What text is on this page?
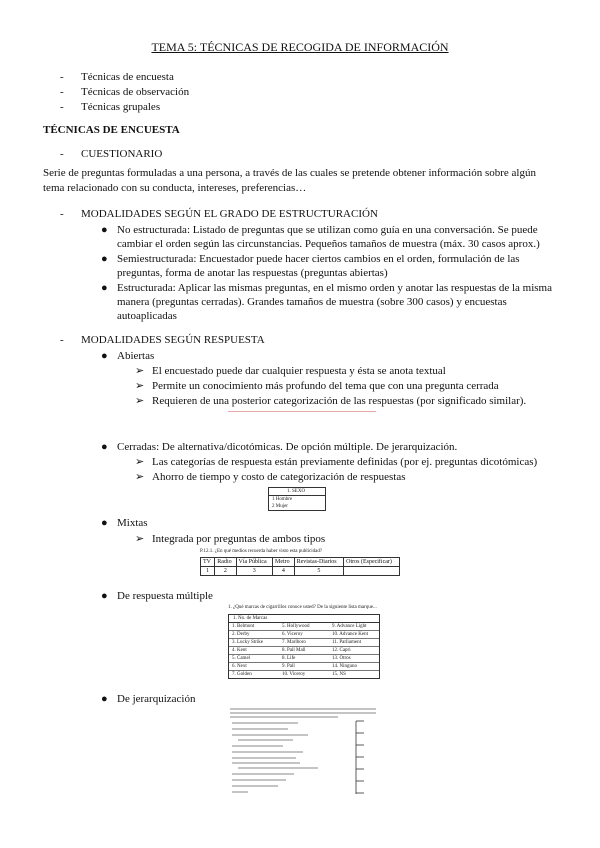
TEMA 5: TÉCNICAS DE RECOGIDA DE INFORMACIÓN
- Técnicas de encuesta
- Técnicas de observación
- Técnicas grupales
TÉCNICAS DE ENCUESTA
- CUESTIONARIO
Serie de preguntas formuladas a una persona, a través de las cuales se pretende obtener información sobre algún
tema relacionado con su conducta, intereses, preferencias…
- MODALIDADES SEGÚN EL GRADO DE ESTRUCTURACIÓN
● No estructurada: Listado de preguntas que se utilizan como guía en una conversación. Se puede
cambiar el orden según las circunstancias. Pequeños tamaños de muestra (máx. 30 casos aprox.)
● Semiestructurada: Encuestador puede hacer ciertos cambios en el orden, formulación de las
preguntas, forma de anotar las respuestas (preguntas abiertas)
● Estructurada: Aplicar las mismas preguntas, en el mismo orden y anotar las respuestas de la misma
manera (preguntas cerradas). Grandes tamaños de muestra (sobre 300 casos) y encuestas
autoaplicadas
- MODALIDADES SEGÚN RESPUESTA
● Abiertas
➢ El encuestado puede dar cualquier respuesta y ésta se anota textual
➢ Permite un conocimiento más profundo del tema que con una pregunta cerrada
➢ Requieren de una posterior categorización de las respuestas (por significado similar).
● Cerradas: De alternativa/dicotómicas. De opción múltiple. De jerarquización.
➢ Las categorías de respuesta están previamente definidas (por ej. preguntas dicotómicas)
➢ Ahorro de tiempo y costo de categorización de respuestas
1. SEXO
1 Hombre
2 Mujer
● Mixtas
➢ Integrada por preguntas de ambos tipos
P.12.1. ¿En qué medios recuerda haber visto esta publicidad?
TV	Radio	Vía Pública	Metro	Revistas-Diarios	Otros (Especificar)
1	2	3	4	5	
● De respuesta múltiple
1. ¿Qué marcas de cigarrillos conoce usted? De la siguiente lista marque...
1. No. de Marcas
1. Belmont	5. Hollywood	9. Advance Light
2. Derby	6. Viceroy	10. Advance Kent
3. Lucky Strike	7. Marlboro	11. Parliament
4. Kent	8. Pall Mall	12. Capri
5. Camel	8. Life	13. Otros
6. Next	9. Pall	14. Ninguno
7. Golden	10. Viceroy	15. NS
● De jerarquización
